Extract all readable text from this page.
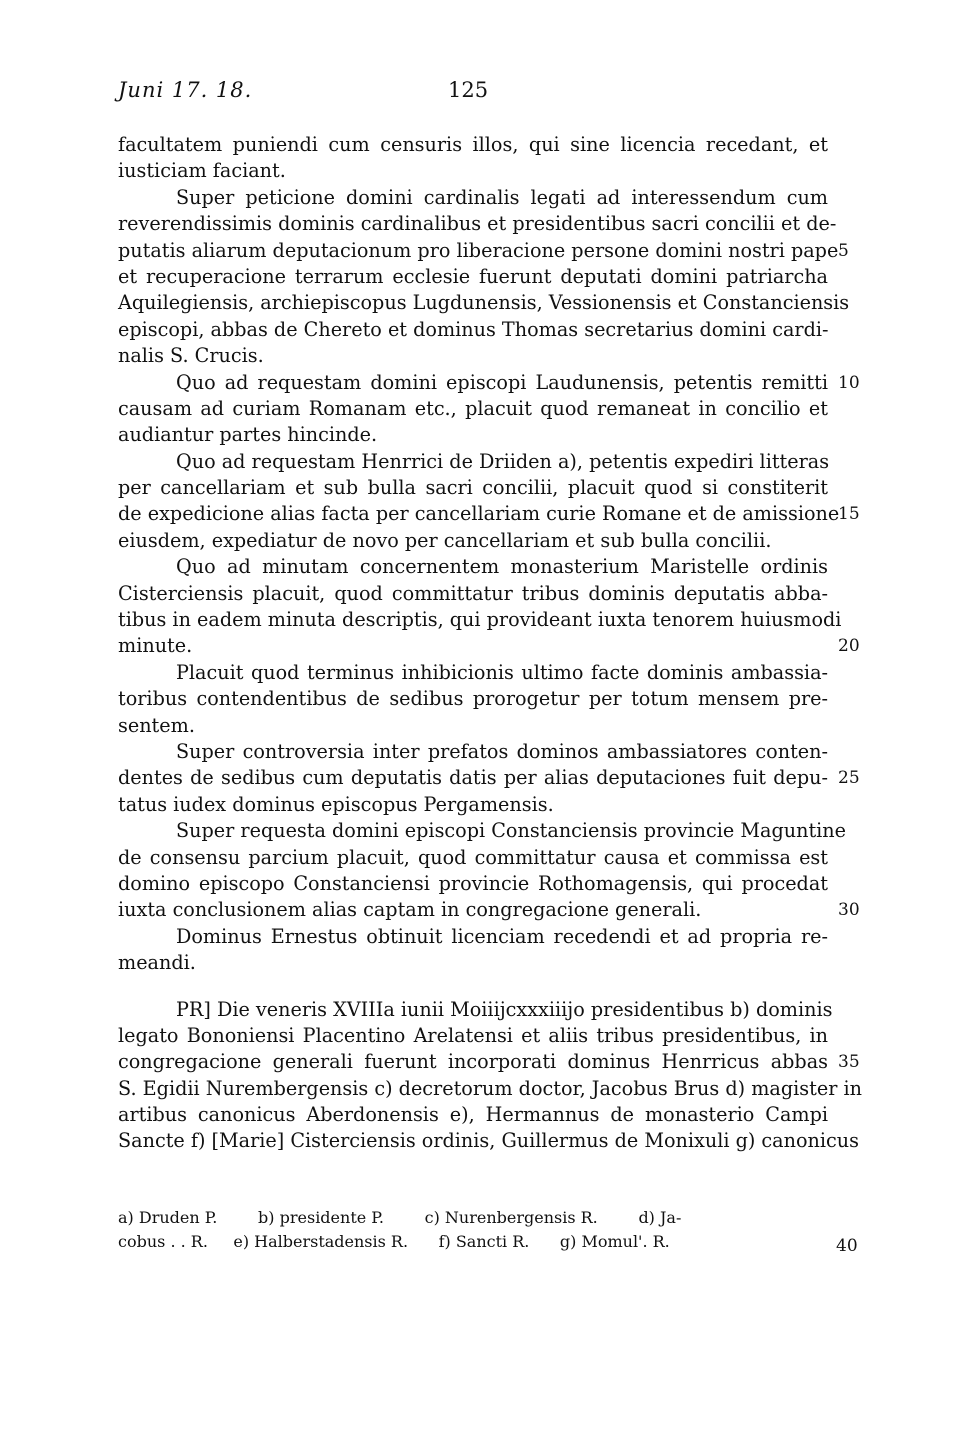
Juni 17. 18.	125
facultatem puniendi cum censuris illos, qui sine licencia recedant, et
iusticiam faciant.
Super peticione domini cardinalis legati ad interessendum cum
reverendissimis dominis cardinalibus et presidentibus sacri concilii et de-
putatis aliarum deputacionum pro liberacione persone domini nostri pape 5
et recuperacione terrarum ecclesie fuerunt deputati domini patriarcha
Aquilegiensis, archiepiscopus Lugdunensis, Vessionensis et Constanciensis
episcopi, abbas de Chereto et dominus Thomas secretarius domini cardi-
nalis S. Crucis.
Quo ad requestam domini episcopi Laudunensis, petentis remitti 10
causam ad curiam Romanam etc., placuit quod remaneat in concilio et
audiantur partes hincinde.
Quo ad requestam Henrrici de Driiden a), petentis expediri litteras
per cancellariam et sub bulla sacri concilii, placuit quod si constiterit
de expedicione alias facta per cancellariam curie Romane et de amissione
15
eiusdem, expediatur de novo per cancellariam et sub bulla concilii.
Quo ad minutam concernentem monasterium Maristelle ordinis
Cisterciensis placuit, quod committatur tribus dominis deputatis abba-
tibus in eadem minuta descriptis, qui provideant iuxta tenorem huiusmodi
minute.	20
Placuit quod terminus inhibicionis ultimo facte dominis ambassia-
toribus contendentibus de sedibus prorogetur per totum mensem pre-
sentem.
Super controversia inter prefatos dominos ambassiatores conten-
dentes de sedibus cum deputatis datis per alias deputaciones fuit depu- 25
tatus iudex dominus episcopus Pergamensis.
Super requesta domini episcopi Constanciensis provincie Maguntine
de consensu parcium placuit, quod committatur causa et commissa est
domino episcopo Constanciensi provincie Rothomagensis, qui procedat
iuxta conclusionem alias captam in congregacione generali.	30
Dominus Ernestus obtinuit licenciam recedendi et ad propria re-
meandi.
PR] Die veneris XVIIIa iunii Moiiijcxxxiiijo presidentibus b) dominis
legato Bononiensi Placentino Arelatensi et aliis tribus presidentibus, in
congregacione generali fuerunt incorporati dominus Henrricus abbas 35
S. Egidii Nurembergensis c) decretorum doctor, Jacobus Brus d) magister in
artibus canonicus Aberdonensis e), Hermannus de monasterio Campi
Sancte f) [Marie] Cisterciensis ordinis, Guillermus de Monixuli g) canonicus
a) Druden P.        b) presidente P.        c) Nurenbergensis R.        d) Ja-
cobus . . R.     e) Halberstadensis R.      f) Sancti R.      g) Momul'. R.	40
